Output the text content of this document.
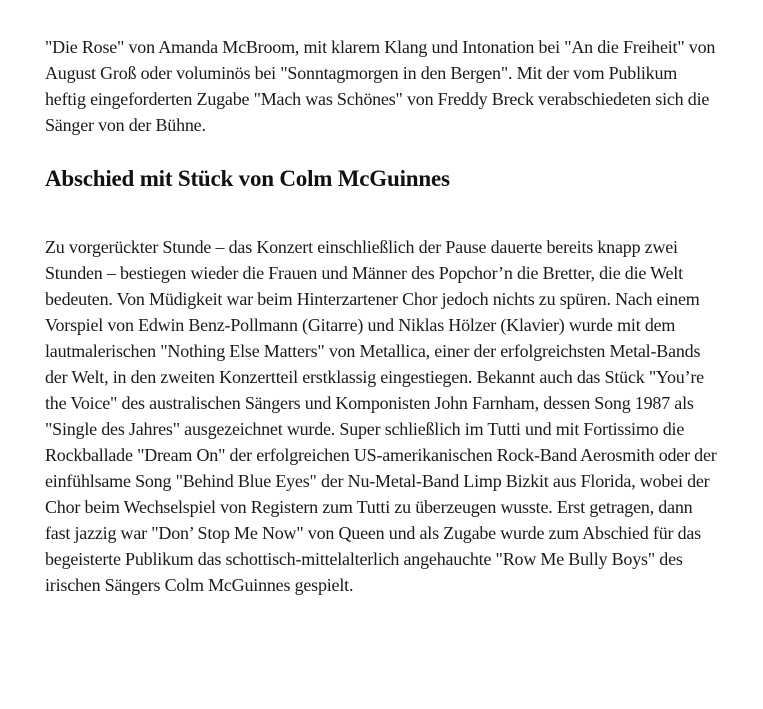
"Die Rose" von Amanda McBroom, mit klarem Klang und Intonation bei "An die Freiheit" von August Groß oder voluminös bei "Sonntagmorgen in den Bergen". Mit der vom Publikum heftig eingeforderten Zugabe "Mach was Schönes" von Freddy Breck verabschiedeten sich die Sänger von der Bühne.

Abschied mit Stück von Colm McGuinnes

Zu vorgerückter Stunde – das Konzert einschließlich der Pause dauerte bereits knapp zwei Stunden – bestiegen wieder die Frauen und Männer des Popchor’n die Bretter, die die Welt bedeuten. Von Müdigkeit war beim Hinterzartener Chor jedoch nichts zu spüren. Nach einem Vorspiel von Edwin Benz-Pollmann (Gitarre) und Niklas Hölzer (Klavier) wurde mit dem lautmalerischen "Nothing Else Matters" von Metallica, einer der erfolgreichsten Metal-Bands der Welt, in den zweiten Konzertteil erstklassig eingestiegen. Bekannt auch das Stück "You’re the Voice" des australischen Sängers und Komponisten John Farnham, dessen Song 1987 als "Single des Jahres" ausgezeichnet wurde. Super schließlich im Tutti und mit Fortissimo die Rockballade "Dream On" der erfolgreichen US-amerikanischen Rock-Band Aerosmith oder der einfühlsame Song "Behind Blue Eyes" der Nu-Metal-Band Limp Bizkit aus Florida, wobei der Chor beim Wechselspiel von Registern zum Tutti zu überzeugen wusste. Erst getragen, dann fast jazzig war "Don’ Stop Me Now" von Queen und als Zugabe wurde zum Abschied für das begeisterte Publikum das schottisch-mittelalterlich angehauchte "Row Me Bully Boys" des irischen Sängers Colm McGuinnes gespielt.
